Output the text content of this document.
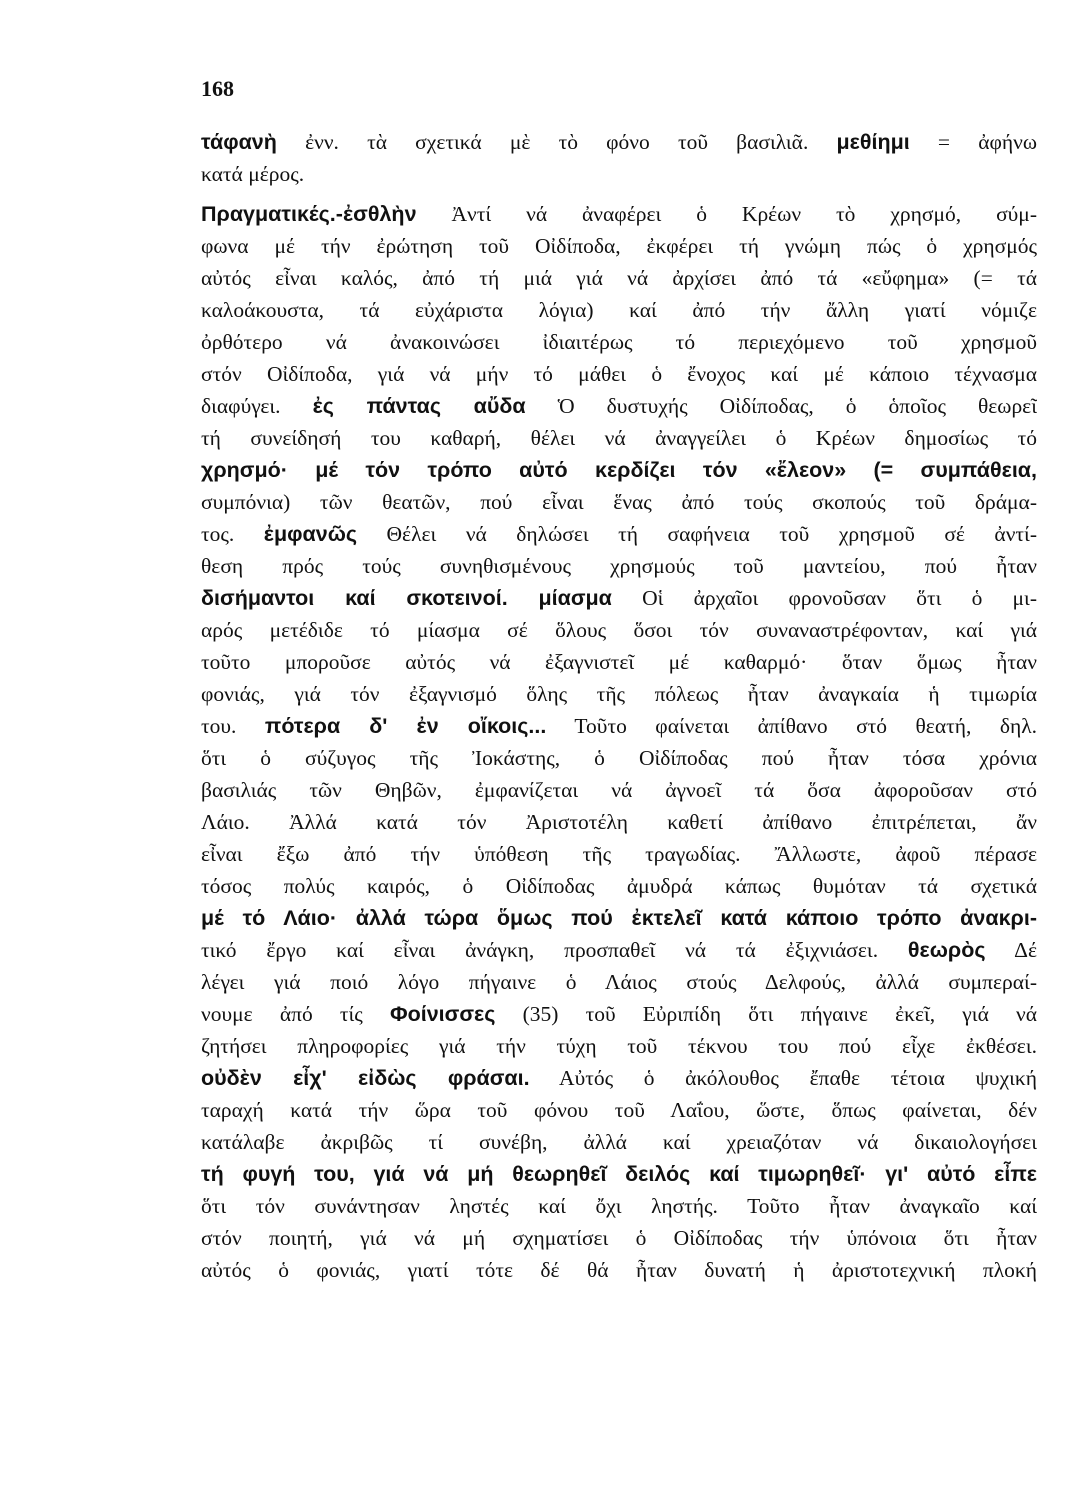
168
τάφανὴ ἐνν. τὰ σχετικά μὲ τὸ φόνο τοῦ βασιλιᾶ. μεθίημι = ἀφήνω
κατά μέρος.
Πραγματικές.-ἐσθλὴν Ἀντί νά ἀναφέρει ὁ Κρέων τὸ χρησμό, σύμ-
φωνα μέ τήν ἐρώτηση τοῦ Οἰδίποδα, ἐκφέρει τή γνώμη πώς ὁ χρησμός
αὐτός εἶναι καλός, ἀπό τή μιά γιά νά ἀρχίσει ἀπό τά «εὔφημα» (= τά
καλοάκουστα, τά εὐχάριστα λόγια) καί ἀπό τήν ἄλλη γιατί νόμιζε
ὀρθότερο νά ἀνακοινώσει ἰδιαιτέρως τό περιεχόμενο τοῦ χρησμοῦ
στόν Οἰδίποδα, γιά νά μήν τό μάθει ὁ ἔνοχος καί μέ κάποιο τέχνασμα
διαφύγει. ἐς πάντας αὔδα Ὁ δυστυχής Οἰδίποδας, ὁ ὁποῖος θεωρεῖ
τή συνείδησή του καθαρή, θέλει νά ἀναγγείλει ὁ Κρέων δημοσίως τό
χρησμό· μέ τόν τρόπο αὐτό κερδίζει τόν «ἔλεον» (= συμπάθεια,
συμπόνια) τῶν θεατῶν, πού εἶναι ἕνας ἀπό τούς σκοπούς τοῦ δράμα-
τος. ἐμφανῶς Θέλει νά δηλώσει τή σαφήνεια τοῦ χρησμοῦ σέ ἀντί-
θεση πρός τούς συνηθισμένους χρησμούς τοῦ μαντείου, πού ἦταν
δισήμαντοι καί σκοτεινοί. μίασμα Οἱ ἀρχαῖοι φρονοῦσαν ὅτι ὁ μι-
αρός μετέδιδε τό μίασμα σέ ὅλους ὅσοι τόν συναναστρέφονταν, καί γιά
τοῦτο μποροῦσε αὐτός νά ἐξαγνιστεῖ μέ καθαρμό· ὅταν ὅμως ἦταν
φονιάς, γιά τόν ἐξαγνισμό ὅλης τῆς πόλεως ἦταν ἀναγκαία ἡ τιμωρία
του. πότερα δ' ἐν οἴκοις... Τοῦτο φαίνεται ἀπίθανο στό θεατή, δηλ.
ὅτι ὁ σύζυγος τῆς Ἰοκάστης, ὁ Οἰδίποδας πού ἦταν τόσα χρόνια
βασιλιάς τῶν Θηβῶν, ἐμφανίζεται νά ἀγνοεῖ τά ὅσα ἀφοροῦσαν στό
Λάιο. Ἀλλά κατά τόν Ἀριστοτέλη καθετί ἀπίθανο ἐπιτρέπεται, ἄν
εἶναι ἔξω ἀπό τήν ὑπόθεση τῆς τραγωδίας. Ἄλλωστε, ἀφοῦ πέρασε
τόσος πολύς καιρός, ὁ Οἰδίποδας ἀμυδρά κάπως θυμόταν τά σχετικά
μέ τό Λάιο· ἀλλά τώρα ὅμως πού ἐκτελεῖ κατά κάποιο τρόπο ἀνακρι-
τικό ἔργο καί εἶναι ἀνάγκη, προσπαθεῖ νά τά ἐξιχνιάσει. θεωρὸς Δέ
λέγει γιά ποιό λόγο πήγαινε ὁ Λάιος στούς Δελφούς, ἀλλά συμπεραί-
νουμε ἀπό τίς Φοίνισσες (35) τοῦ Εὐριπίδη ὅτι πήγαινε ἐκεῖ, γιά νά
ζητήσει πληροφορίες γιά τήν τύχη τοῦ τέκνου του πού εἶχε ἐκθέσει.
οὐδὲν εἶχ' εἰδὼς φράσαι. Αὐτός ὁ ἀκόλουθος ἔπαθε τέτοια ψυχική
ταραχή κατά τήν ὥρα τοῦ φόνου τοῦ Λαΐου, ὥστε, ὅπως φαίνεται, δέν
κατάλαβε ἀκριβῶς τί συνέβη, ἀλλά καί χρειαζόταν νά δικαιολογήσει
τή φυγή του, γιά νά μή θεωρηθεῖ δειλός καί τιμωρηθεῖ· γι' αὐτό εἶπε
ὅτι τόν συνάντησαν ληστές καί ὄχι ληστής. Τοῦτο ἦταν ἀναγκαῖο καί
στόν ποιητή, γιά νά μή σχηματίσει ὁ Οἰδίποδας τήν ὑπόνοια ὅτι ἦταν
αὐτός ὁ φονιάς, γιατί τότε δέ θά ἦταν δυνατή ἡ ἀριστοτεχνική πλοκή
